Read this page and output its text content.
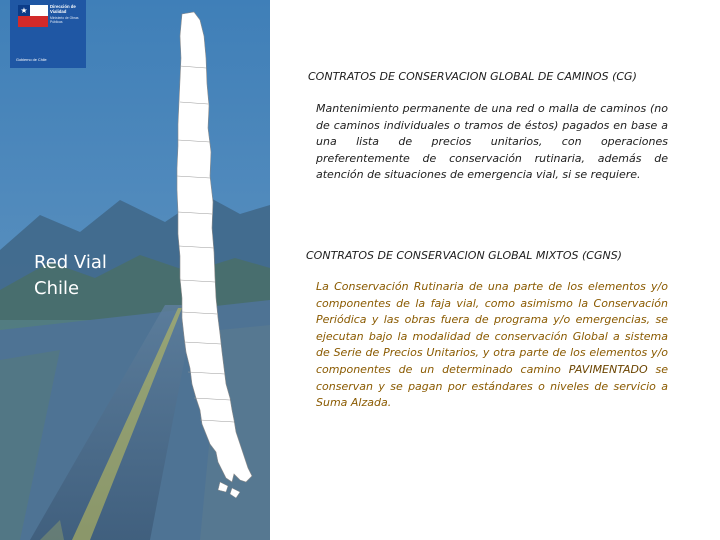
★	Dirección de Vialidad
Ministerio de Obras Públicas
Gobierno de Chile
Red Vial
Chile
CONTRATOS DE CONSERVACION GLOBAL DE CAMINOS (CG)
Mantenimiento permanente de una red o malla de caminos (no de caminos individuales o tramos de éstos) pagados en base a una lista de precios unitarios, con operaciones preferentemente de conservación rutinaria, además de atención de situaciones de emergencia vial, si se requiere.
CONTRATOS DE CONSERVACION GLOBAL MIXTOS (CGNS)
La Conservación Rutinaria de una parte de los elementos y/o componentes de la faja vial, como asimismo la Conservación Periódica y las obras fuera de programa y/o emergencias, se ejecutan bajo la modalidad de conservación Global a sistema de Serie de Precios Unitarios, y otra parte de los elementos y/o componentes de un determinado camino PAVIMENTADO se conservan y se pagan por estándares o niveles de servicio a Suma Alzada.
